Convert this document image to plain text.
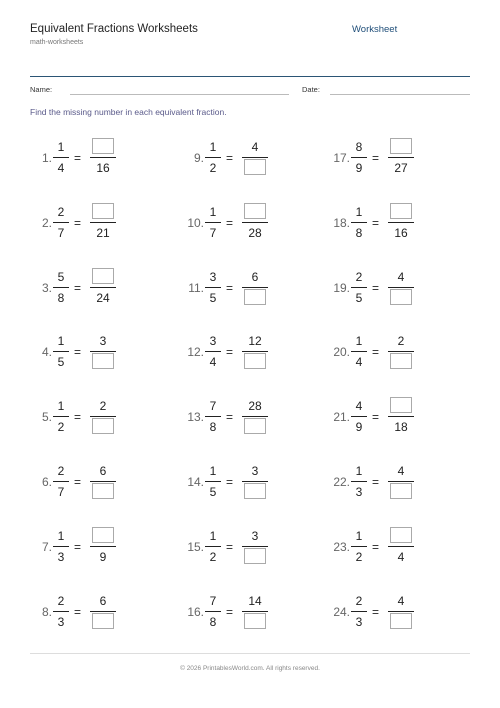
Equivalent Fractions Worksheets
math-worksheets
Worksheet
Name:	Date:
Find the missing number in each equivalent fraction.
1.
1
4
=
16
2.
2
7
=
21
3.
5
8
=
24
4.
1
5
=
3
5.
1
2
=
2
6.
2
7
=
6
7.
1
3
=
9
8.
2
3
=
6
9.
1
2
=
4
10.
1
7
=
28
11.
3
5
=
6
12.
3
4
=
12
13.
7
8
=
28
14.
1
5
=
3
15.
1
2
=
3
16.
7
8
=
14
17.
8
9
=
27
18.
1
8
=
16
19.
2
5
=
4
20.
1
4
=
2
21.
4
9
=
18
22.
1
3
=
4
23.
1
2
=
4
24.
2
3
=
4
© 2026 PrintablesWorld.com. All rights reserved.
